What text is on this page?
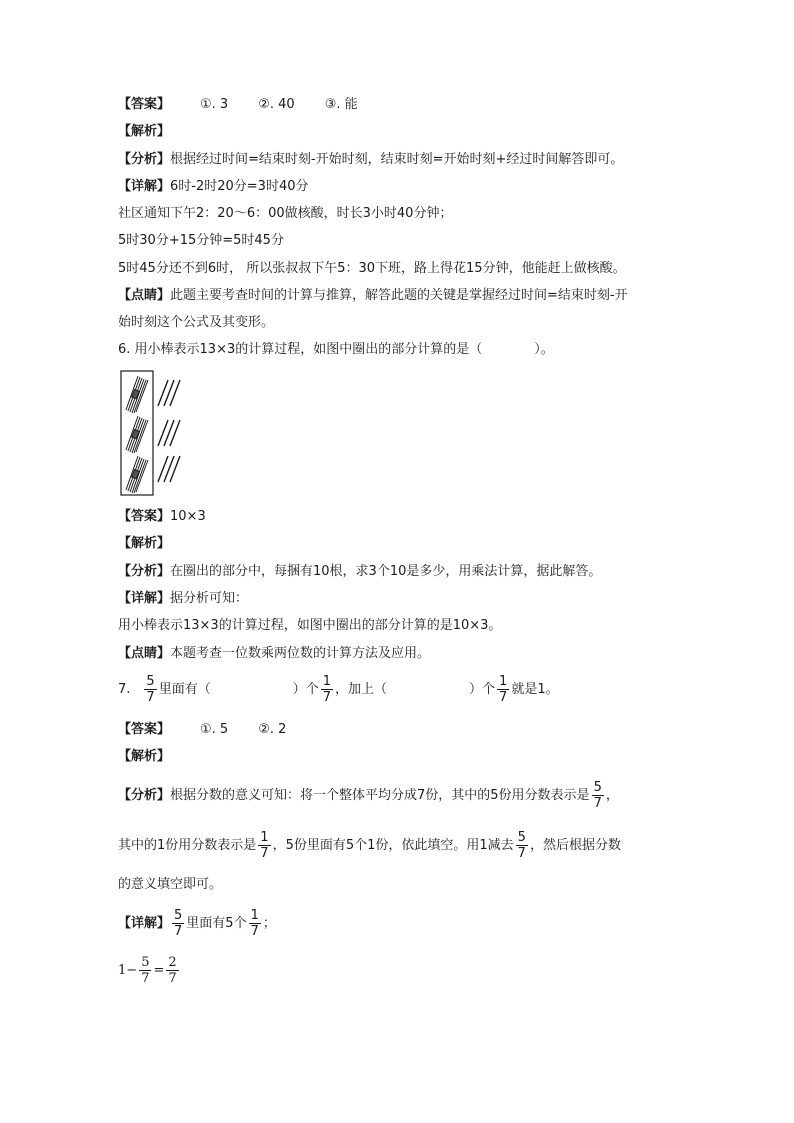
【答案】 ①. 3 ②. 40 ③. 能
【解析】
【分析】根据经过时间=结束时刻-开始时刻，结束时刻=开始时刻+经过时间解答即可。
【详解】6时-2时20分=3时40分
社区通知下午2：20～6：00做核酸，时长3小时40分钟；
5时30分+15分钟=5时45分
5时45分还不到6时， 所以张叔叔下午5：30下班，路上得花15分钟，他能赶上做核酸。
【点睛】此题主要考查时间的计算与推算，解答此题的关键是掌握经过时间=结束时刻-开
始时刻这个公式及其变形。
6. 用小棒表示13×3的计算过程，如图中圈出的部分计算的是（　　　　）。
【答案】10×3
【解析】
【分析】在圈出的部分中，每捆有10根，求3个10是多少，用乘法计算，据此解答。
【详解】据分析可知：
用小棒表示13×3的计算过程，如图中圈出的部分计算的是10×3。
【点睛】本题考查一位数乘两位数的计算方法及应用。
7. $\frac{5}{7}$ 里面有（	）个 $\frac{1}{7}$ ，加上（	）个 $\frac{1}{7}$ 就是1。
【答案】 ①. 5 ②. 2
【解析】
【分析】根据分数的意义可知：将一个整体平均分成7份，其中的5份用分数表示是 $\frac{5}{7}$ ，
其中的1份用分数表示是 $\frac{1}{7}$ ，5份里面有5个1份，依此填空。用1减去 $\frac{5}{7}$ ，然后根据分数
的意义填空即可。
【详解】 $\frac{5}{7}$ 里面有5个 $\frac{1}{7}$ ；
$1- \frac{5}{7} = \frac{2}{7}$
